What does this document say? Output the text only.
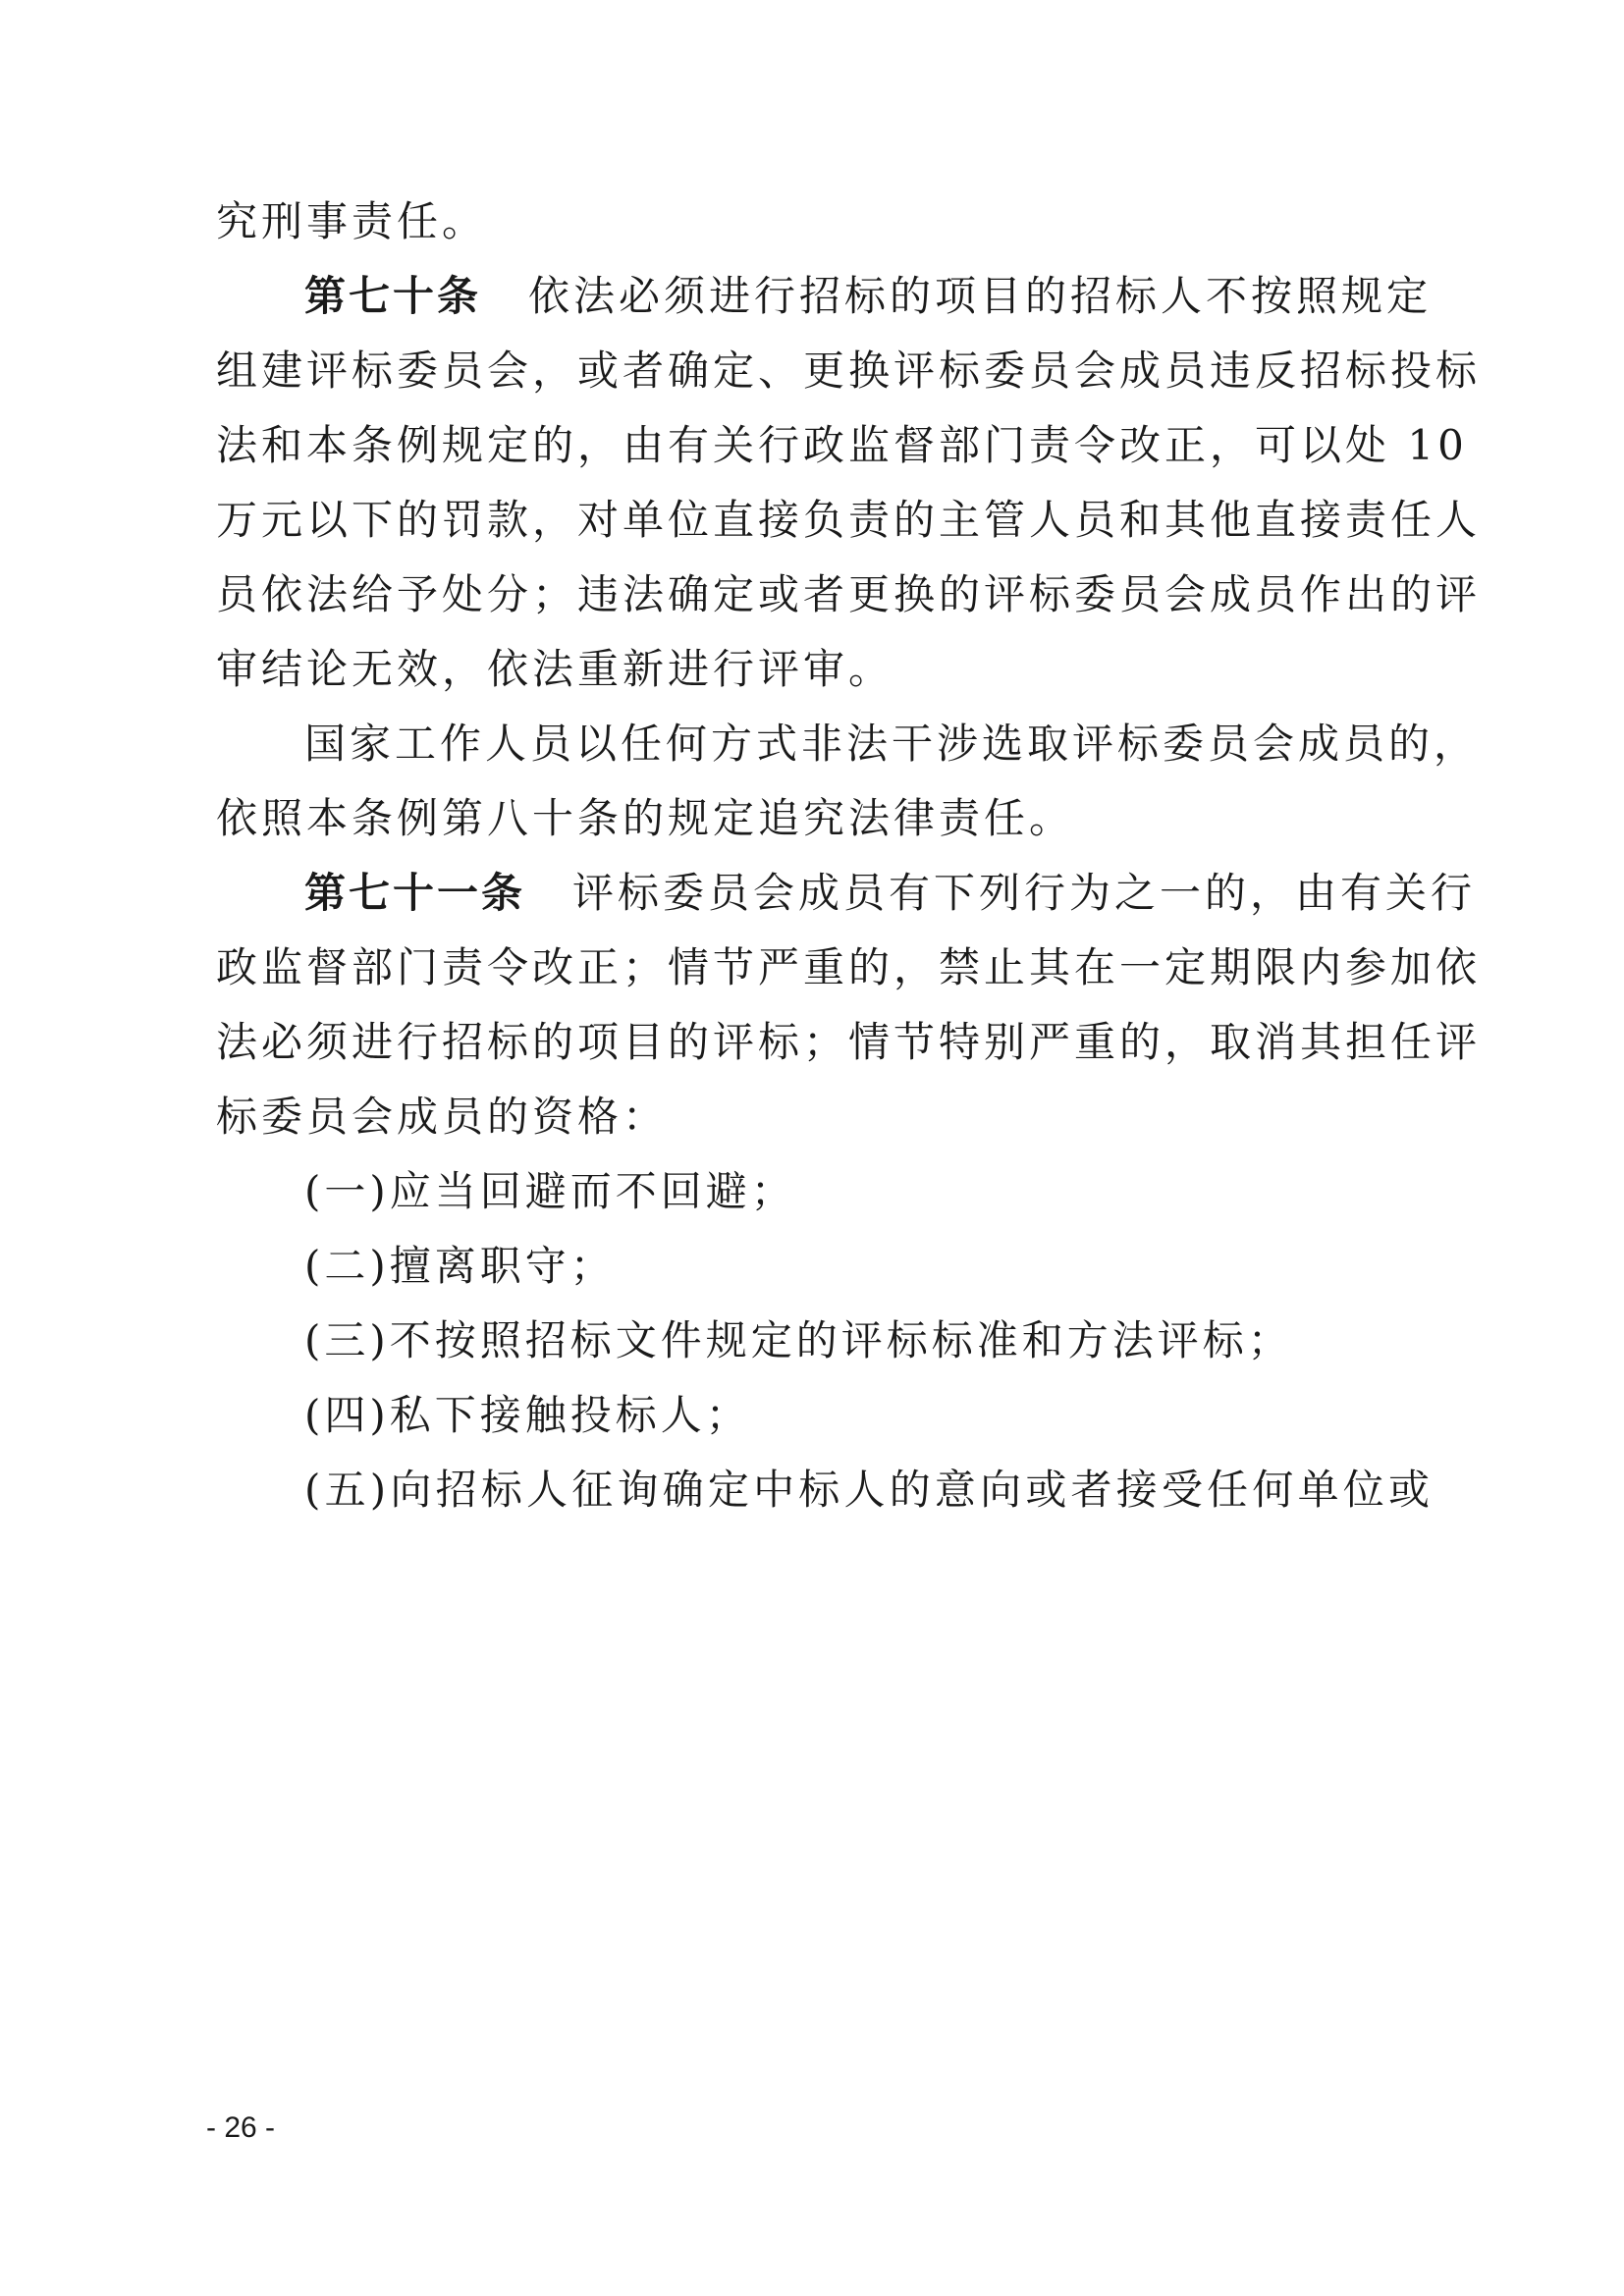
究刑事责任。
第七十条 依法必须进行招标的项目的招标人不按照规定
组建评标委员会，或者确定、更换评标委员会成员违反招标投标
法和本条例规定的，由有关行政监督部门责令改正，可以处 10
万元以下的罚款，对单位直接负责的主管人员和其他直接责任人
员依法给予处分；违法确定或者更换的评标委员会成员作出的评
审结论无效，依法重新进行评审。
国家工作人员以任何方式非法干涉选取评标委员会成员的，
依照本条例第八十条的规定追究法律责任。
第七十一条 评标委员会成员有下列行为之一的，由有关行
政监督部门责令改正；情节严重的，禁止其在一定期限内参加依
法必须进行招标的项目的评标；情节特别严重的，取消其担任评
标委员会成员的资格：
(一)应当回避而不回避；
(二)擅离职守；
(三)不按照招标文件规定的评标标准和方法评标；
(四)私下接触投标人；
(五)向招标人征询确定中标人的意向或者接受任何单位或
- 26 -
